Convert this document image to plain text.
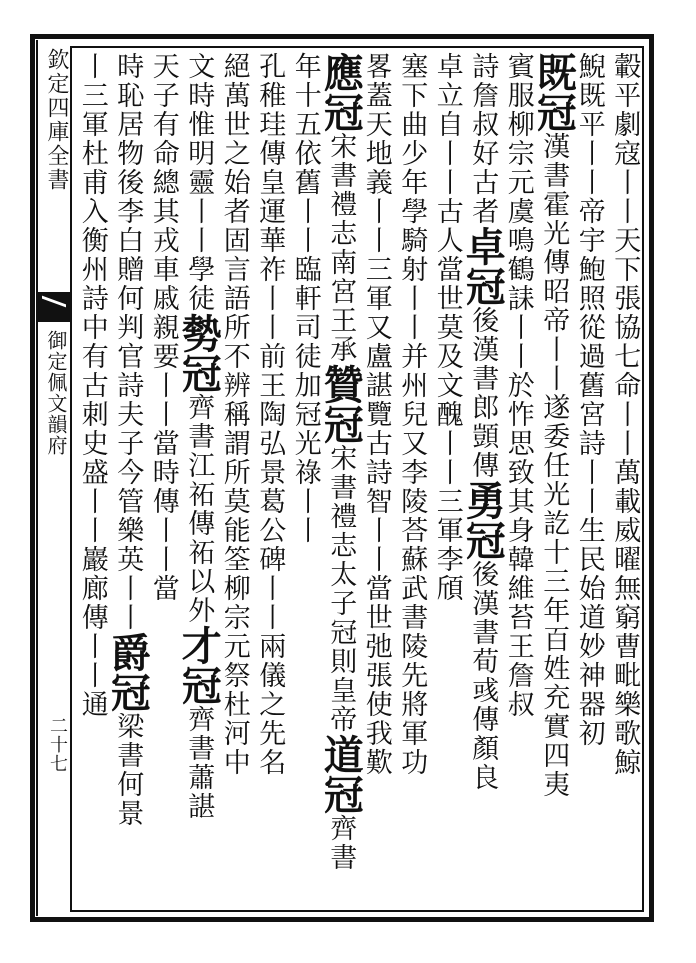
欽定四庫全書
御定佩文韻府
二十七	轂平劇寇丨丨天下張協七命丨丨萬載威曜無窮曹毗樂歌鯨
鯢既平丨丨帝宇鮑照從過舊宮詩丨丨生民始道妙神器初
既冠漢書霍光傳昭帝丨丨遂委任光訖十三年百姓充實四夷
賓服柳宗元虞鳴鶴誄丨丨於怍思致其身韓維苔王詹叔
詩詹叔好古者卓冠後漢書郎顗傳勇冠後漢書荀彧傳顏良
卓立自丨丨古人當世莫及文醜丨丨三軍李頎
塞下曲少年學騎射丨丨并州兒又李陵荅蘇武書陵先將軍功
畧蓋天地義丨丨三軍又盧諶覽古詩智丨丨當世弛張使我歎
應冠宋書禮志南宮王承贊冠宋書禮志太子冠則皇帝道冠齊書
年十五依舊丨丨臨軒司徒加冠光祿丨丨
孔稚珪傳皇運華祚丨丨前王陶弘景葛公碑丨丨兩儀之先名
絕萬世之始者固言語所不辨稱謂所莫能筌柳宗元祭杜河中
文時惟明靈丨丨學徒勢冠齊書江祏傳祏以外才冠齊書蕭諶
天子有命總其戎車戚親要丨丨當時傳丨丨當
時恥居物後李白贈何判官詩夫子今管樂英丨丨爵冠梁書何景
丨三軍杜甫入衡州詩中有古刺史盛丨丨巖廊傳丨丨通
